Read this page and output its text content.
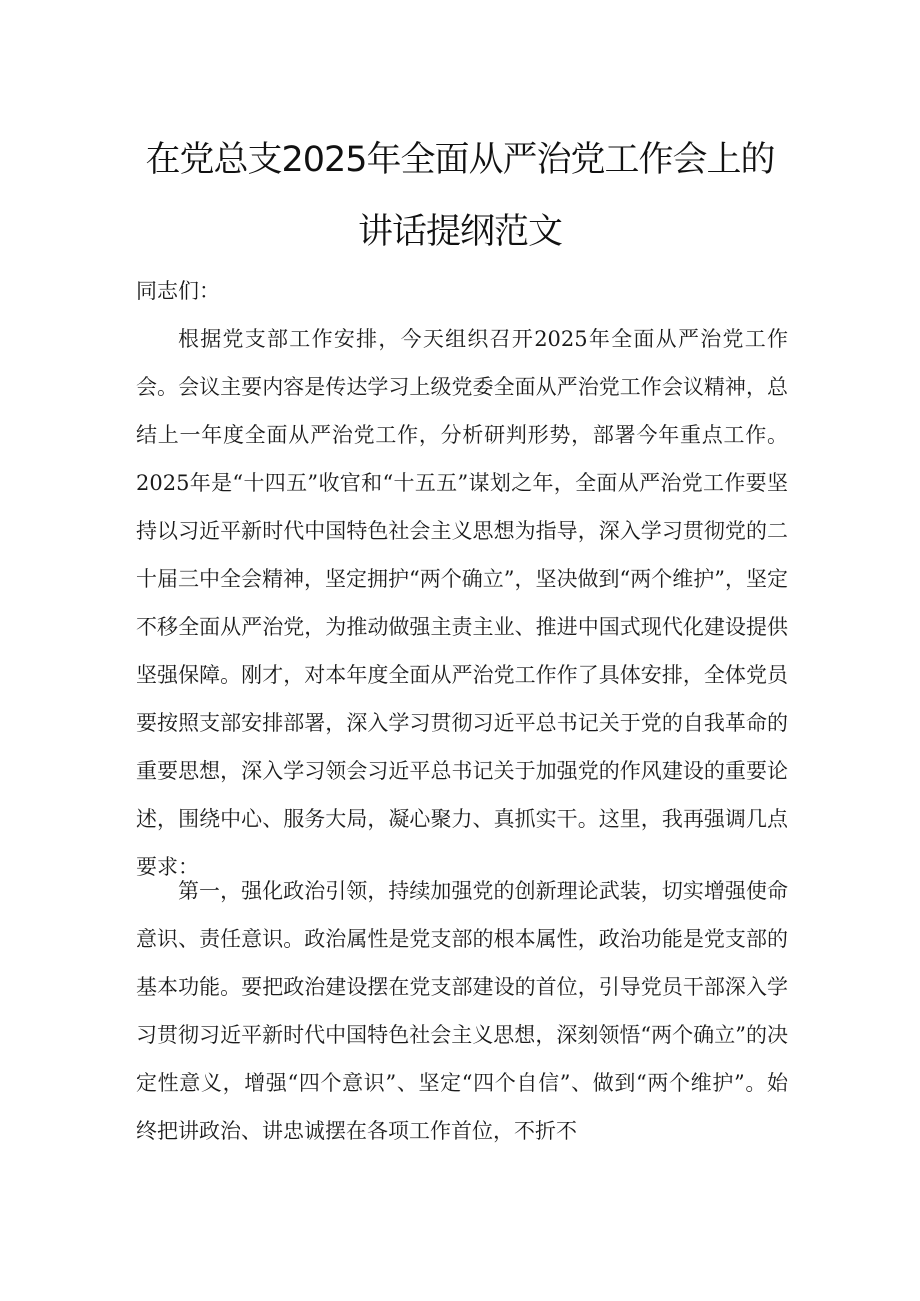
在党总支2025年全面从严治党工作会上的
讲话提纲范文

同志们：

根据党支部工作安排，今天组织召开2025年全面从严治党工作会。会议主要内容是传达学习上级党委全面从严治党工作会议精神，总结上一年度全面从严治党工作，分析研判形势，部署今年重点工作。2025年是“十四五”收官和“十五五”谋划之年，全面从严治党工作要坚持以习近平新时代中国特色社会主义思想为指导，深入学习贯彻党的二十届三中全会精神，坚定拥护“两个确立”，坚决做到“两个维护”，坚定不移全面从严治党，为推动做强主责主业、推进中国式现代化建设提供坚强保障。刚才，对本年度全面从严治党工作作了具体安排，全体党员要按照支部安排部署，深入学习贯彻习近平总书记关于党的自我革命的重要思想，深入学习领会习近平总书记关于加强党的作风建设的重要论述，围绕中心、服务大局，凝心聚力、真抓实干。这里，我再强调几点要求：

第一，强化政治引领，持续加强党的创新理论武装，切实增强使命意识、责任意识。政治属性是党支部的根本属性，政治功能是党支部的基本功能。要把政治建设摆在党支部建设的首位，引导党员干部深入学习贯彻习近平新时代中国特色社会主义思想，深刻领悟“两个确立”的决定性意义，增强“四个意识”、坚定“四个自信”、做到“两个维护”。始终把讲政治、讲忠诚摆在各项工作首位，不折不
